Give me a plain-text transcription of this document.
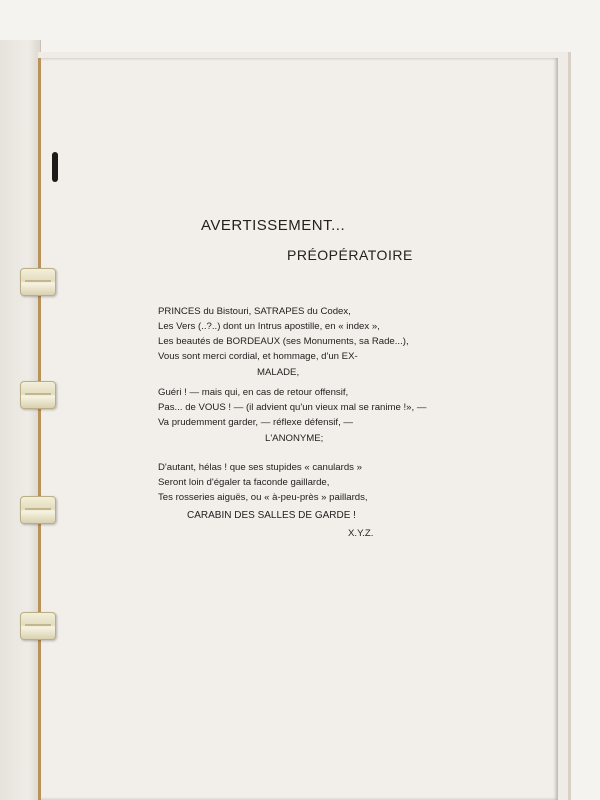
AVERTISSEMENT...
PRÉOPÉRATOIRE
PRINCES du Bistouri, SATRAPES du Codex,
Les Vers (..?..) dont un Intrus apostille, en « index »,
Les beautés de BORDEAUX (ses Monuments, sa Rade...),
Vous sont merci cordial, et hommage, d'un EX-
MALADE,
Guéri ! — mais qui, en cas de retour offensif,
Pas... de VOUS ! — (il advient qu'un vieux mal se ranime !», —
Va prudemment garder, — réflexe défensif, —
L'ANONYME;
D'autant, hélas ! que ses stupides « canulards »
Seront loin d'égaler ta faconde gaillarde,
Tes rosseries aiguës, ou « à-peu-près » paillards,
CARABIN DES SALLES DE GARDE !
X.Y.Z.
